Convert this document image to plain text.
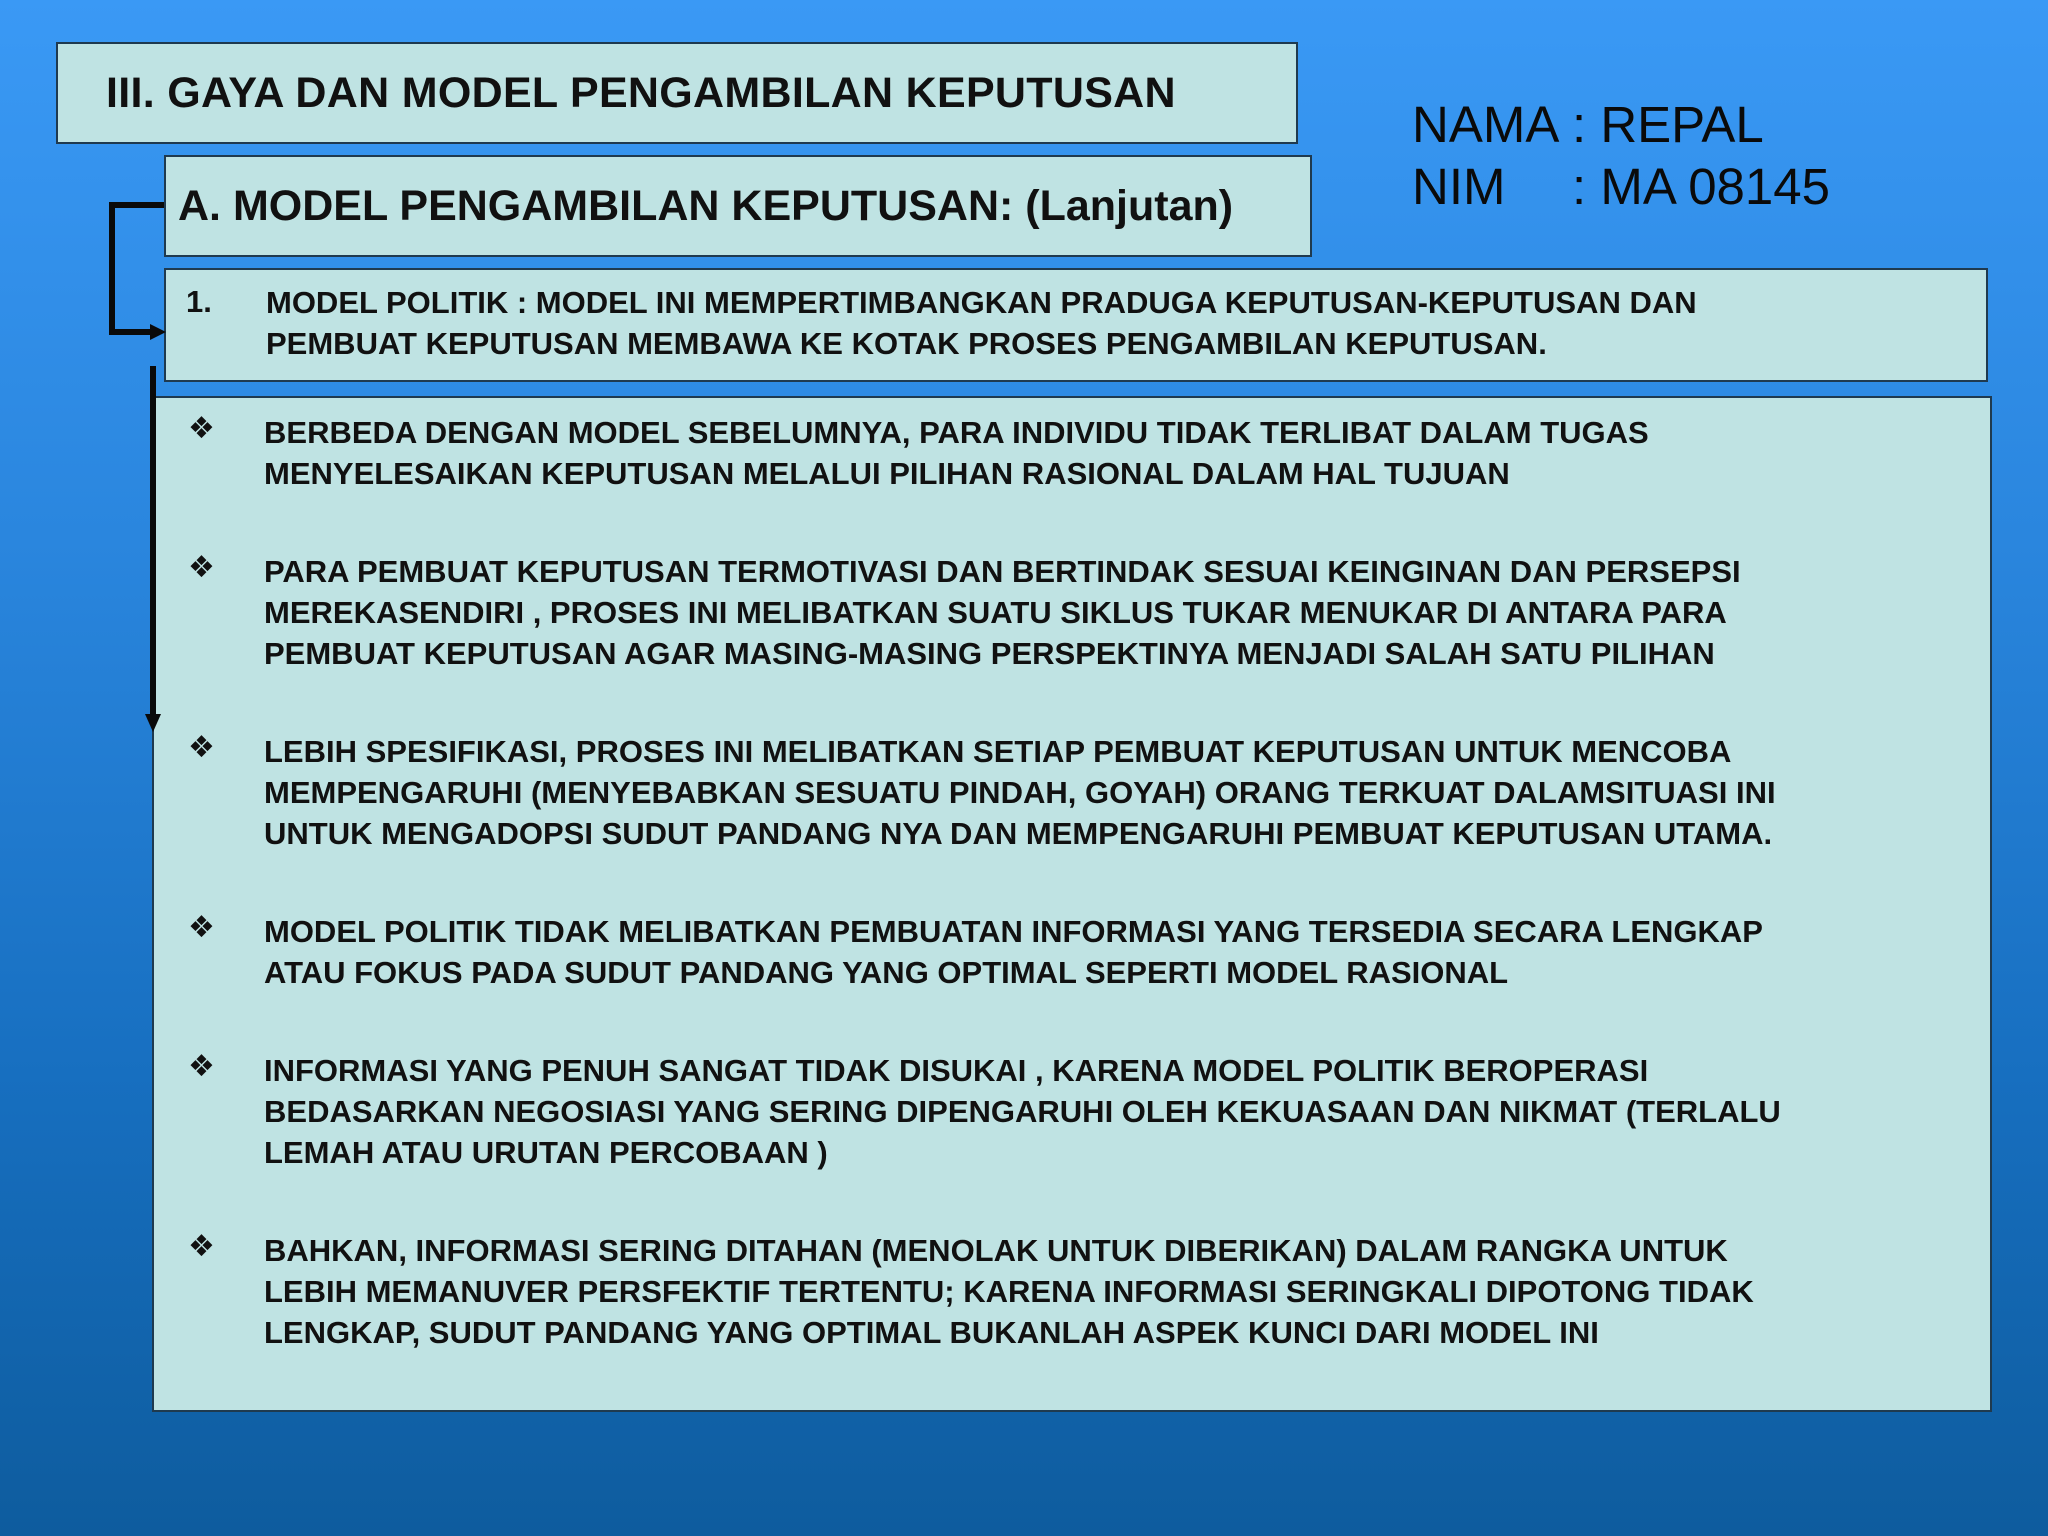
III. GAYA DAN MODEL PENGAMBILAN KEPUTUSAN
A. MODEL PENGAMBILAN KEPUTUSAN: (Lanjutan)
NAMA : REPAL
NIM	: MA 08145
1. MODEL POLITIK : MODEL INI MEMPERTIMBANGKAN PRADUGA KEPUTUSAN-KEPUTUSAN DAN
PEMBUAT KEPUTUSAN MEMBAWA KE KOTAK PROSES PENGAMBILAN KEPUTUSAN.
❖ BERBEDA DENGAN MODEL SEBELUMNYA, PARA INDIVIDU TIDAK TERLIBAT DALAM TUGAS
MENYELESAIKAN KEPUTUSAN MELALUI PILIHAN RASIONAL DALAM HAL TUJUAN
❖ PARA PEMBUAT KEPUTUSAN TERMOTIVASI DAN BERTINDAK SESUAI KEINGINAN DAN PERSEPSI
MEREKASENDIRI , PROSES INI MELIBATKAN SUATU SIKLUS TUKAR MENUKAR DI ANTARA PARA
PEMBUAT KEPUTUSAN AGAR MASING-MASING PERSPEKTINYA MENJADI SALAH SATU PILIHAN
❖ LEBIH SPESIFIKASI, PROSES INI MELIBATKAN SETIAP PEMBUAT KEPUTUSAN UNTUK MENCOBA
MEMPENGARUHI (MENYEBABKAN SESUATU PINDAH, GOYAH) ORANG TERKUAT DALAMSITUASI INI
UNTUK MENGADOPSI SUDUT PANDANG NYA DAN MEMPENGARUHI PEMBUAT KEPUTUSAN UTAMA.
❖ MODEL POLITIK TIDAK MELIBATKAN PEMBUATAN INFORMASI YANG TERSEDIA SECARA LENGKAP
ATAU FOKUS PADA SUDUT PANDANG YANG OPTIMAL SEPERTI MODEL RASIONAL
❖ INFORMASI YANG PENUH SANGAT TIDAK DISUKAI , KARENA MODEL POLITIK BEROPERASI
BEDASARKAN NEGOSIASI YANG SERING DIPENGARUHI OLEH KEKUASAAN DAN NIKMAT (TERLALU
LEMAH ATAU URUTAN PERCOBAAN )
❖ BAHKAN, INFORMASI SERING DITAHAN (MENOLAK UNTUK DIBERIKAN) DALAM RANGKA UNTUK
LEBIH MEMANUVER PERSFEKTIF TERTENTU; KARENA INFORMASI SERINGKALI DIPOTONG TIDAK
LENGKAP, SUDUT PANDANG YANG OPTIMAL BUKANLAH ASPEK KUNCI DARI MODEL INI
